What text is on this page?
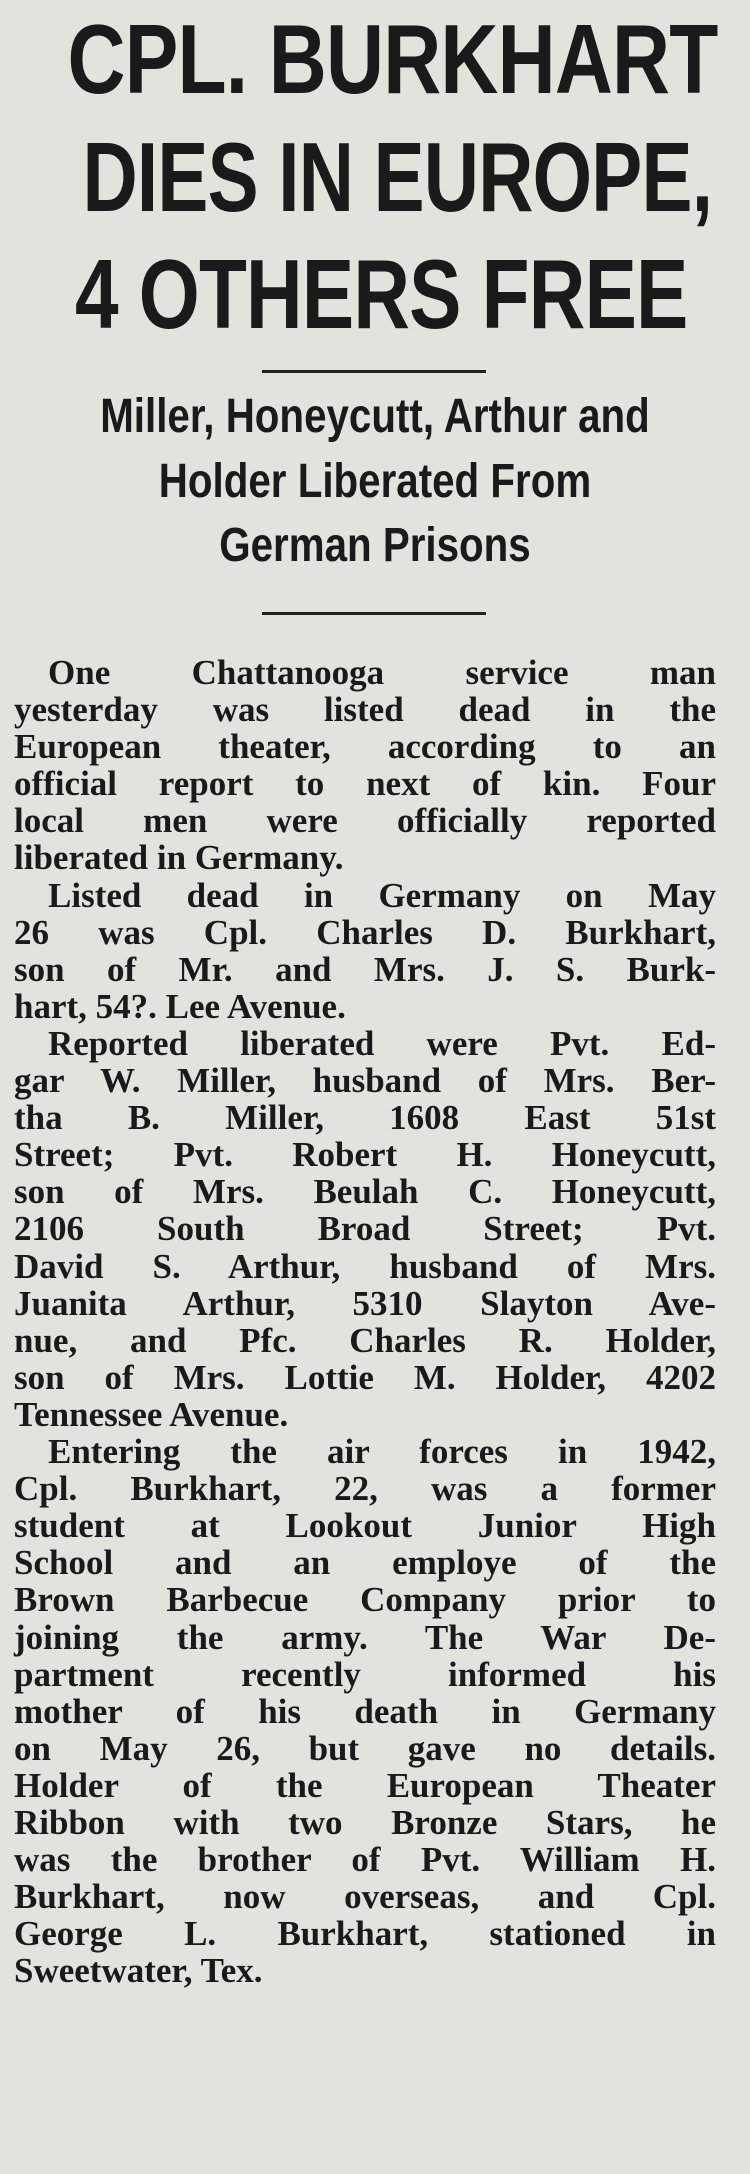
CPL. BURKHART
DIES IN EUROPE,
4 OTHERS FREE
Miller, Honeycutt, Arthur and
Holder Liberated From
German Prisons
One Chattanooga service man
yesterday was listed dead in the
European theater, according to an
official report to next of kin. Four
local men were officially reported
liberated in Germany.
Listed dead in Germany on May
26 was Cpl. Charles D. Burkhart,
son of Mr. and Mrs. J. S. Burk-
hart, 54?. Lee Avenue.
Reported liberated were Pvt. Ed-
gar W. Miller, husband of Mrs. Ber-
tha B. Miller, 1608 East 51st
Street; Pvt. Robert H. Honeycutt,
son of Mrs. Beulah C. Honeycutt,
2106 South Broad Street; Pvt.
David S. Arthur, husband of Mrs.
Juanita Arthur, 5310 Slayton Ave-
nue, and Pfc. Charles R. Holder,
son of Mrs. Lottie M. Holder, 4202
Tennessee Avenue.
Entering the air forces in 1942,
Cpl. Burkhart, 22, was a former
student at Lookout Junior High
School and an employe of the
Brown Barbecue Company prior to
joining the army. The War De-
partment recently informed his
mother of his death in Germany
on May 26, but gave no details.
Holder of the European Theater
Ribbon with two Bronze Stars, he
was the brother of Pvt. William H.
Burkhart, now overseas, and Cpl.
George L. Burkhart, stationed in
Sweetwater, Tex.
